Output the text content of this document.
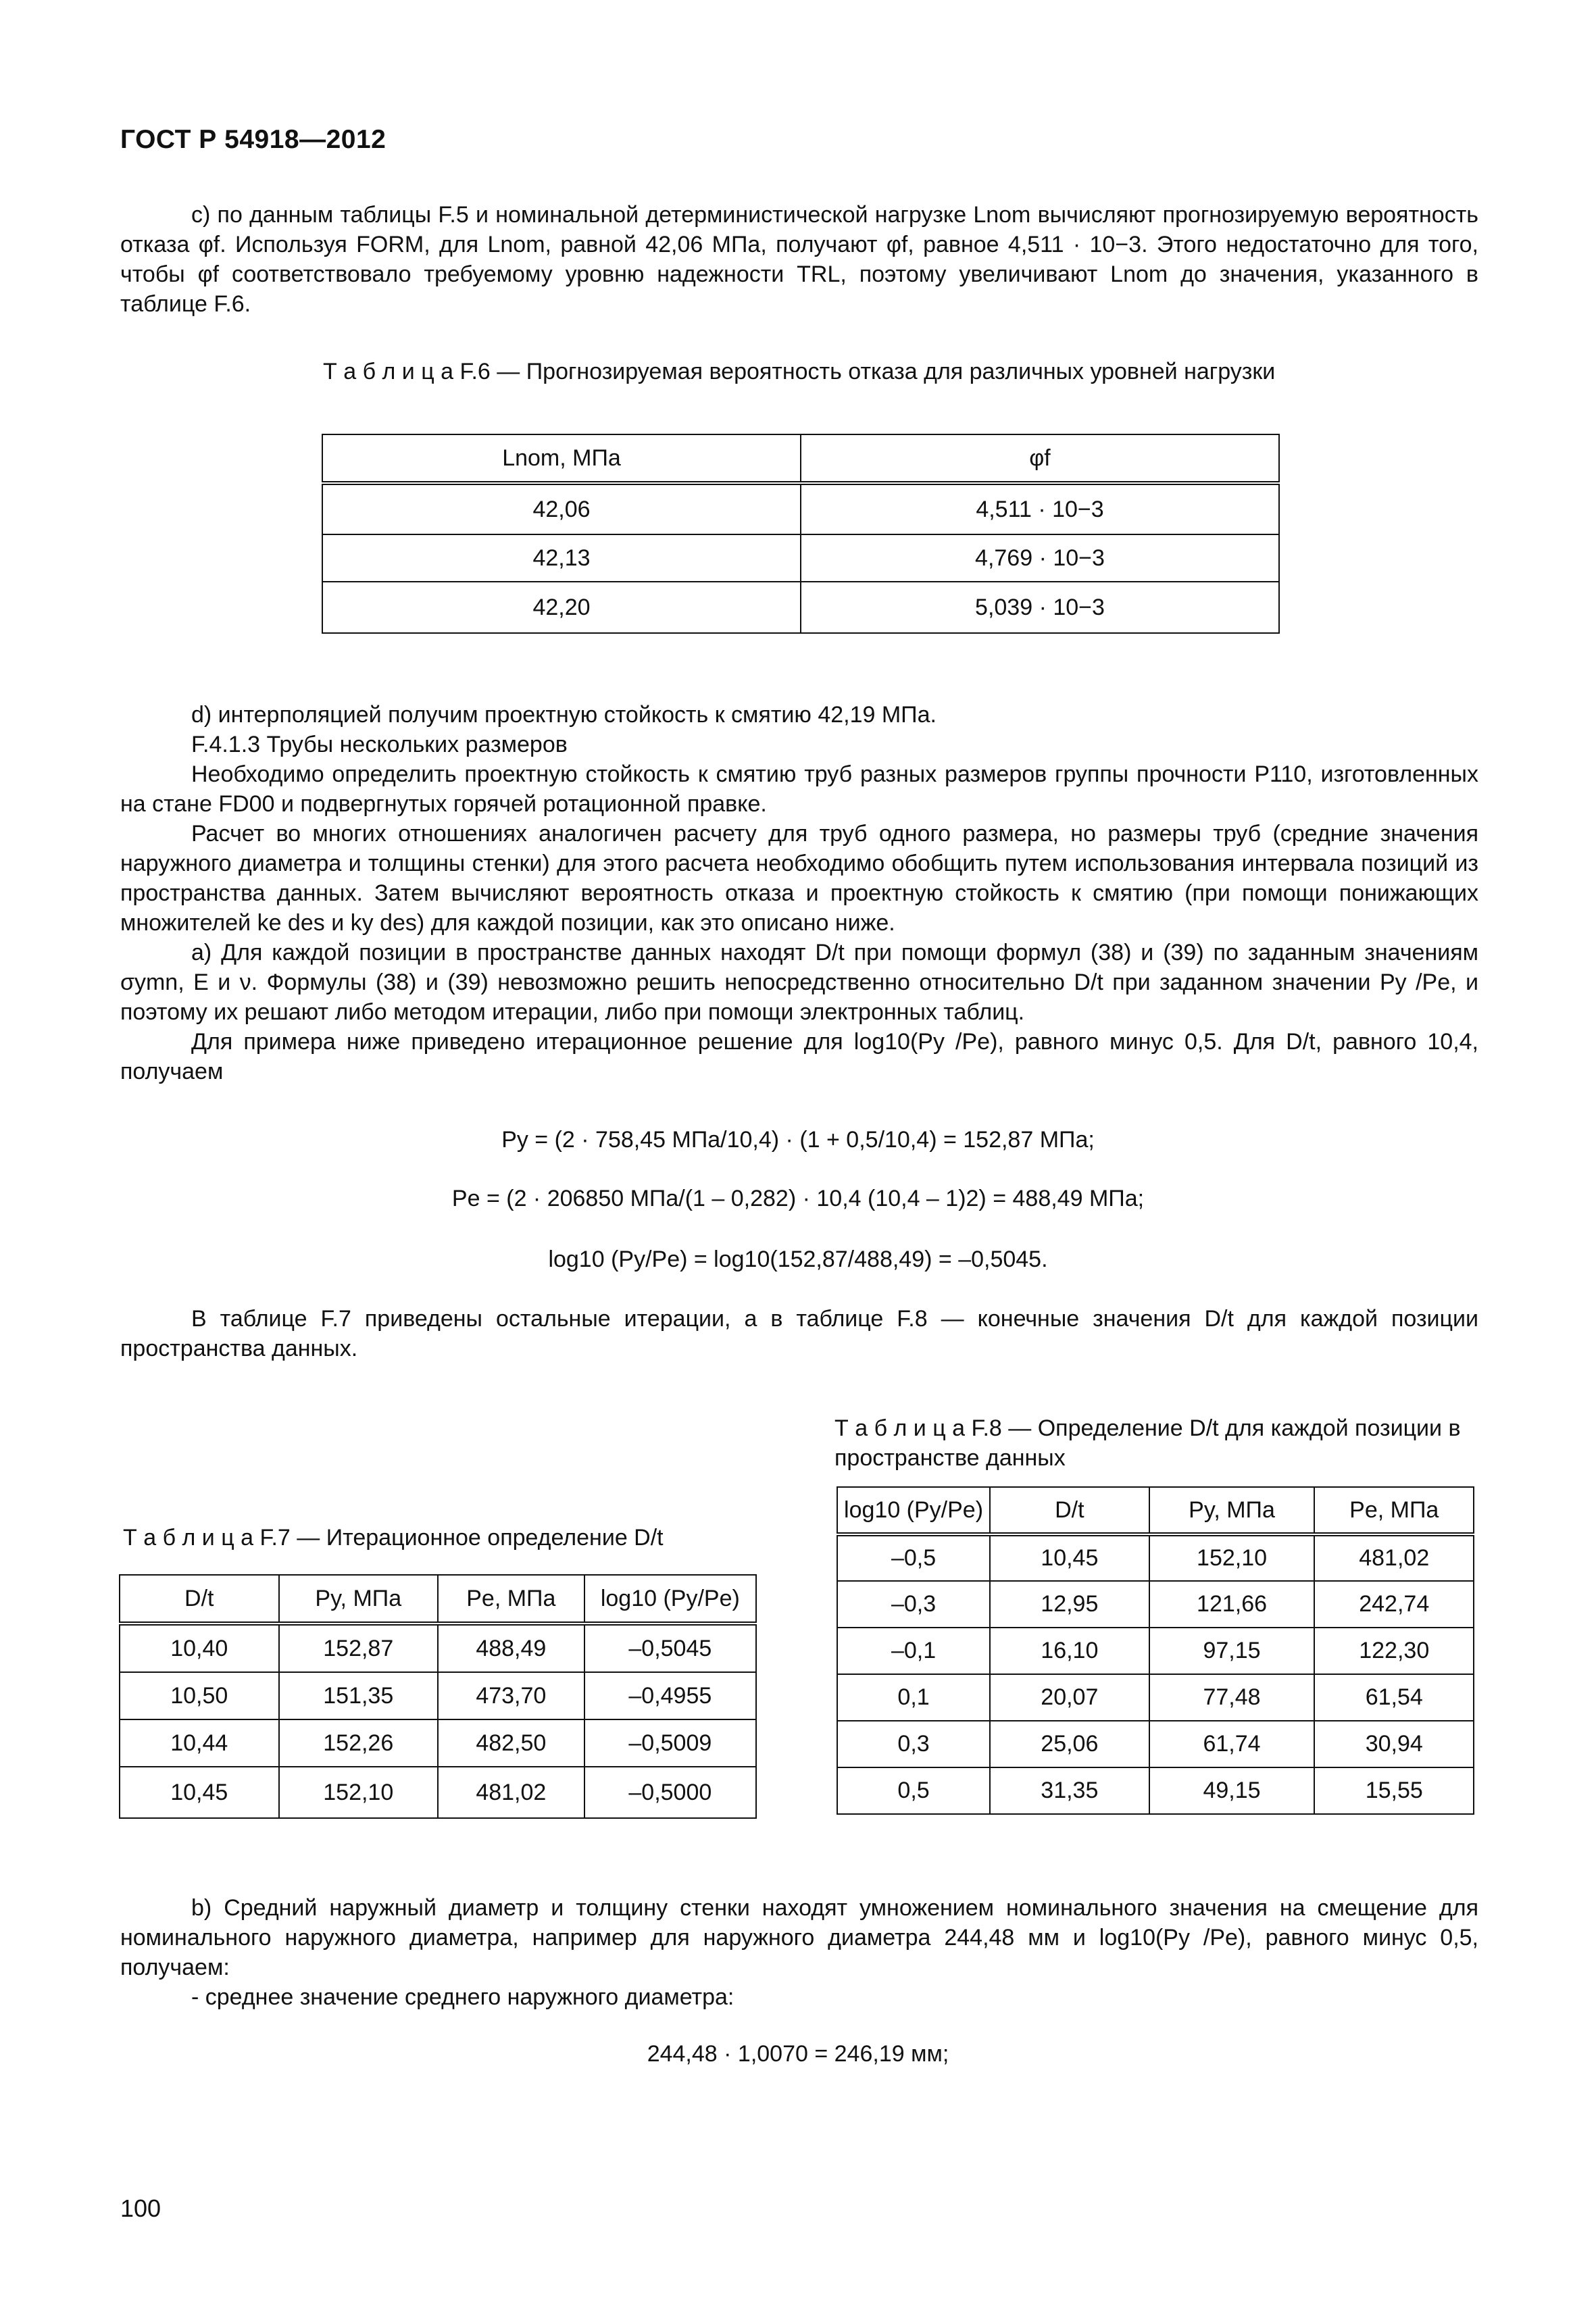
ГОСТ Р 54918—2012
с) по данным таблицы F.5 и номинальной детерминистической нагрузке Lnom вычисляют прогнозируемую вероятность отказа φf. Используя FORM, для Lnom, равной 42,06 МПа, получают φf, равное 4,511 · 10−3. Этого недостаточно для того, чтобы φf соответствовало требуемому уровню надежности TRL, поэтому увеличивают Lnom до значения, указанного в таблице F.6.
Т а б л и ц а F.6 — Прогнозируемая вероятность отказа для различных уровней нагрузки
Lnom, МПа	φf
42,06	4,511 · 10−3
42,13	4,769 · 10−3
42,20	5,039 · 10−3
d) интерполяцией получим проектную стойкость к смятию 42,19 МПа.
F.4.1.3 Трубы нескольких размеров
Необходимо определить проектную стойкость к смятию труб разных размеров группы прочности Р110, изготовленных на стане FD00 и подвергнутых горячей ротационной правке.
Расчет во многих отношениях аналогичен расчету для труб одного размера, но размеры труб (средние значения наружного диаметра и толщины стенки) для этого расчета необходимо обобщить путем использования интервала позиций из пространства данных. Затем вычисляют вероятность отказа и проектную стойкость к смятию (при помощи понижающих множителей ke des и ky des) для каждой позиции, как это описано ниже.
а) Для каждой позиции в пространстве данных находят D/t при помощи формул (38) и (39) по заданным значениям σymn, E и ν. Формулы (38) и (39) невозможно решить непосредственно относительно D/t при заданном значении Py /Pe, и поэтому их решают либо методом итерации, либо при помощи электронных таблиц.
Для примера ниже приведено итерационное решение для log10(Py /Pe), равного минус 0,5. Для D/t, равного 10,4, получаем
Py = (2 · 758,45 МПа/10,4) · (1 + 0,5/10,4) = 152,87 МПа;
Pe = (2 · 206850 МПа/(1 – 0,282) · 10,4 (10,4 – 1)2) = 488,49 МПа;
log10 (Py/Pe) = log10(152,87/488,49) = –0,5045.
В таблице F.7 приведены остальные итерации, а в таблице F.8 — конечные значения D/t для каждой позиции пространства данных.
Т а б л и ц а F.8 — Определение D/t для каждой позиции в пространстве данных
log10 (Py/Pe)	D/t	Py, МПа	Pe, МПа
–0,5	10,45	152,10	481,02
–0,3	12,95	121,66	242,74
–0,1	16,10	97,15	122,30
0,1	20,07	77,48	61,54
0,3	25,06	61,74	30,94
0,5	31,35	49,15	15,55
Т а б л и ц а F.7 — Итерационное определение D/t
D/t	Py, МПа	Pe, МПа	log10 (Py/Pe)
10,40	152,87	488,49	–0,5045
10,50	151,35	473,70	–0,4955
10,44	152,26	482,50	–0,5009
10,45	152,10	481,02	–0,5000
b) Средний наружный диаметр и толщину стенки находят умножением номинального значения на смещение для номинального наружного диаметра, например для наружного диаметра 244,48 мм и log10(Py /Pe), равного минус 0,5, получаем:
- среднее значение среднего наружного диаметра:
244,48 · 1,0070 = 246,19 мм;
100
